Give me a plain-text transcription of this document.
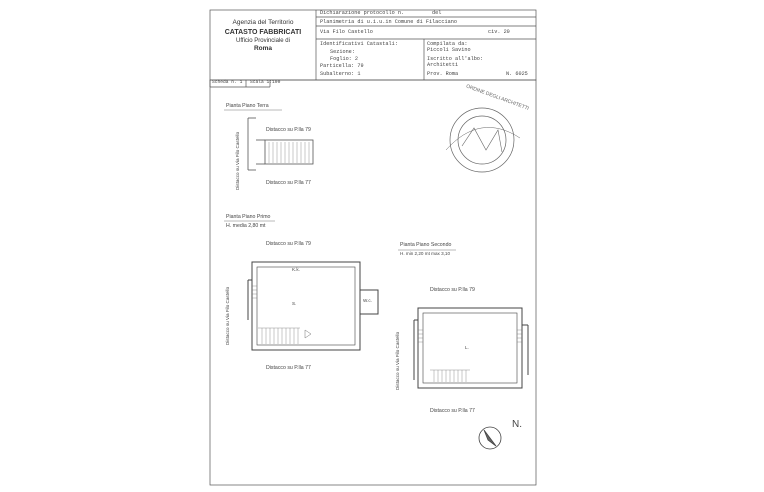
ORDINE DEGLI ARCHITETTI
Agenzia del Territorio
CATASTO FABBRICATI
Ufficio Provinciale di
Roma
Dichiarazione protocollo n.	del
Planimetria di u.i.u.in Comune di Filacciano
Via Filo Castello	civ. 20
Identificativi Catastali:
Sezione:
Foglio: 2
Particella: 79
Subalterno: 1
Compilata da:
Piccoli Savino
Iscritto all'albo:
Architetti
Prov. Roma	N. 6025
Scheda n. 1 Scala 1:100
Pianta Piano Terra
Distacco su P.lla 79
Distacco su P.lla 77
Distacco su Via Filo Castello
Pianta Piano Primo
H. media 2,80 mt
Distacco su P.lla 79
K.k.
S.
W.c.
Distacco su P.lla 77
Distacco su Via Filo Castello
Pianta Piano Secondo
H. min 2,20 mt max 3,10
Distacco su P.lla 79
L.
Distacco su P.lla 77
Distacco su Via Filo Castello
N.
